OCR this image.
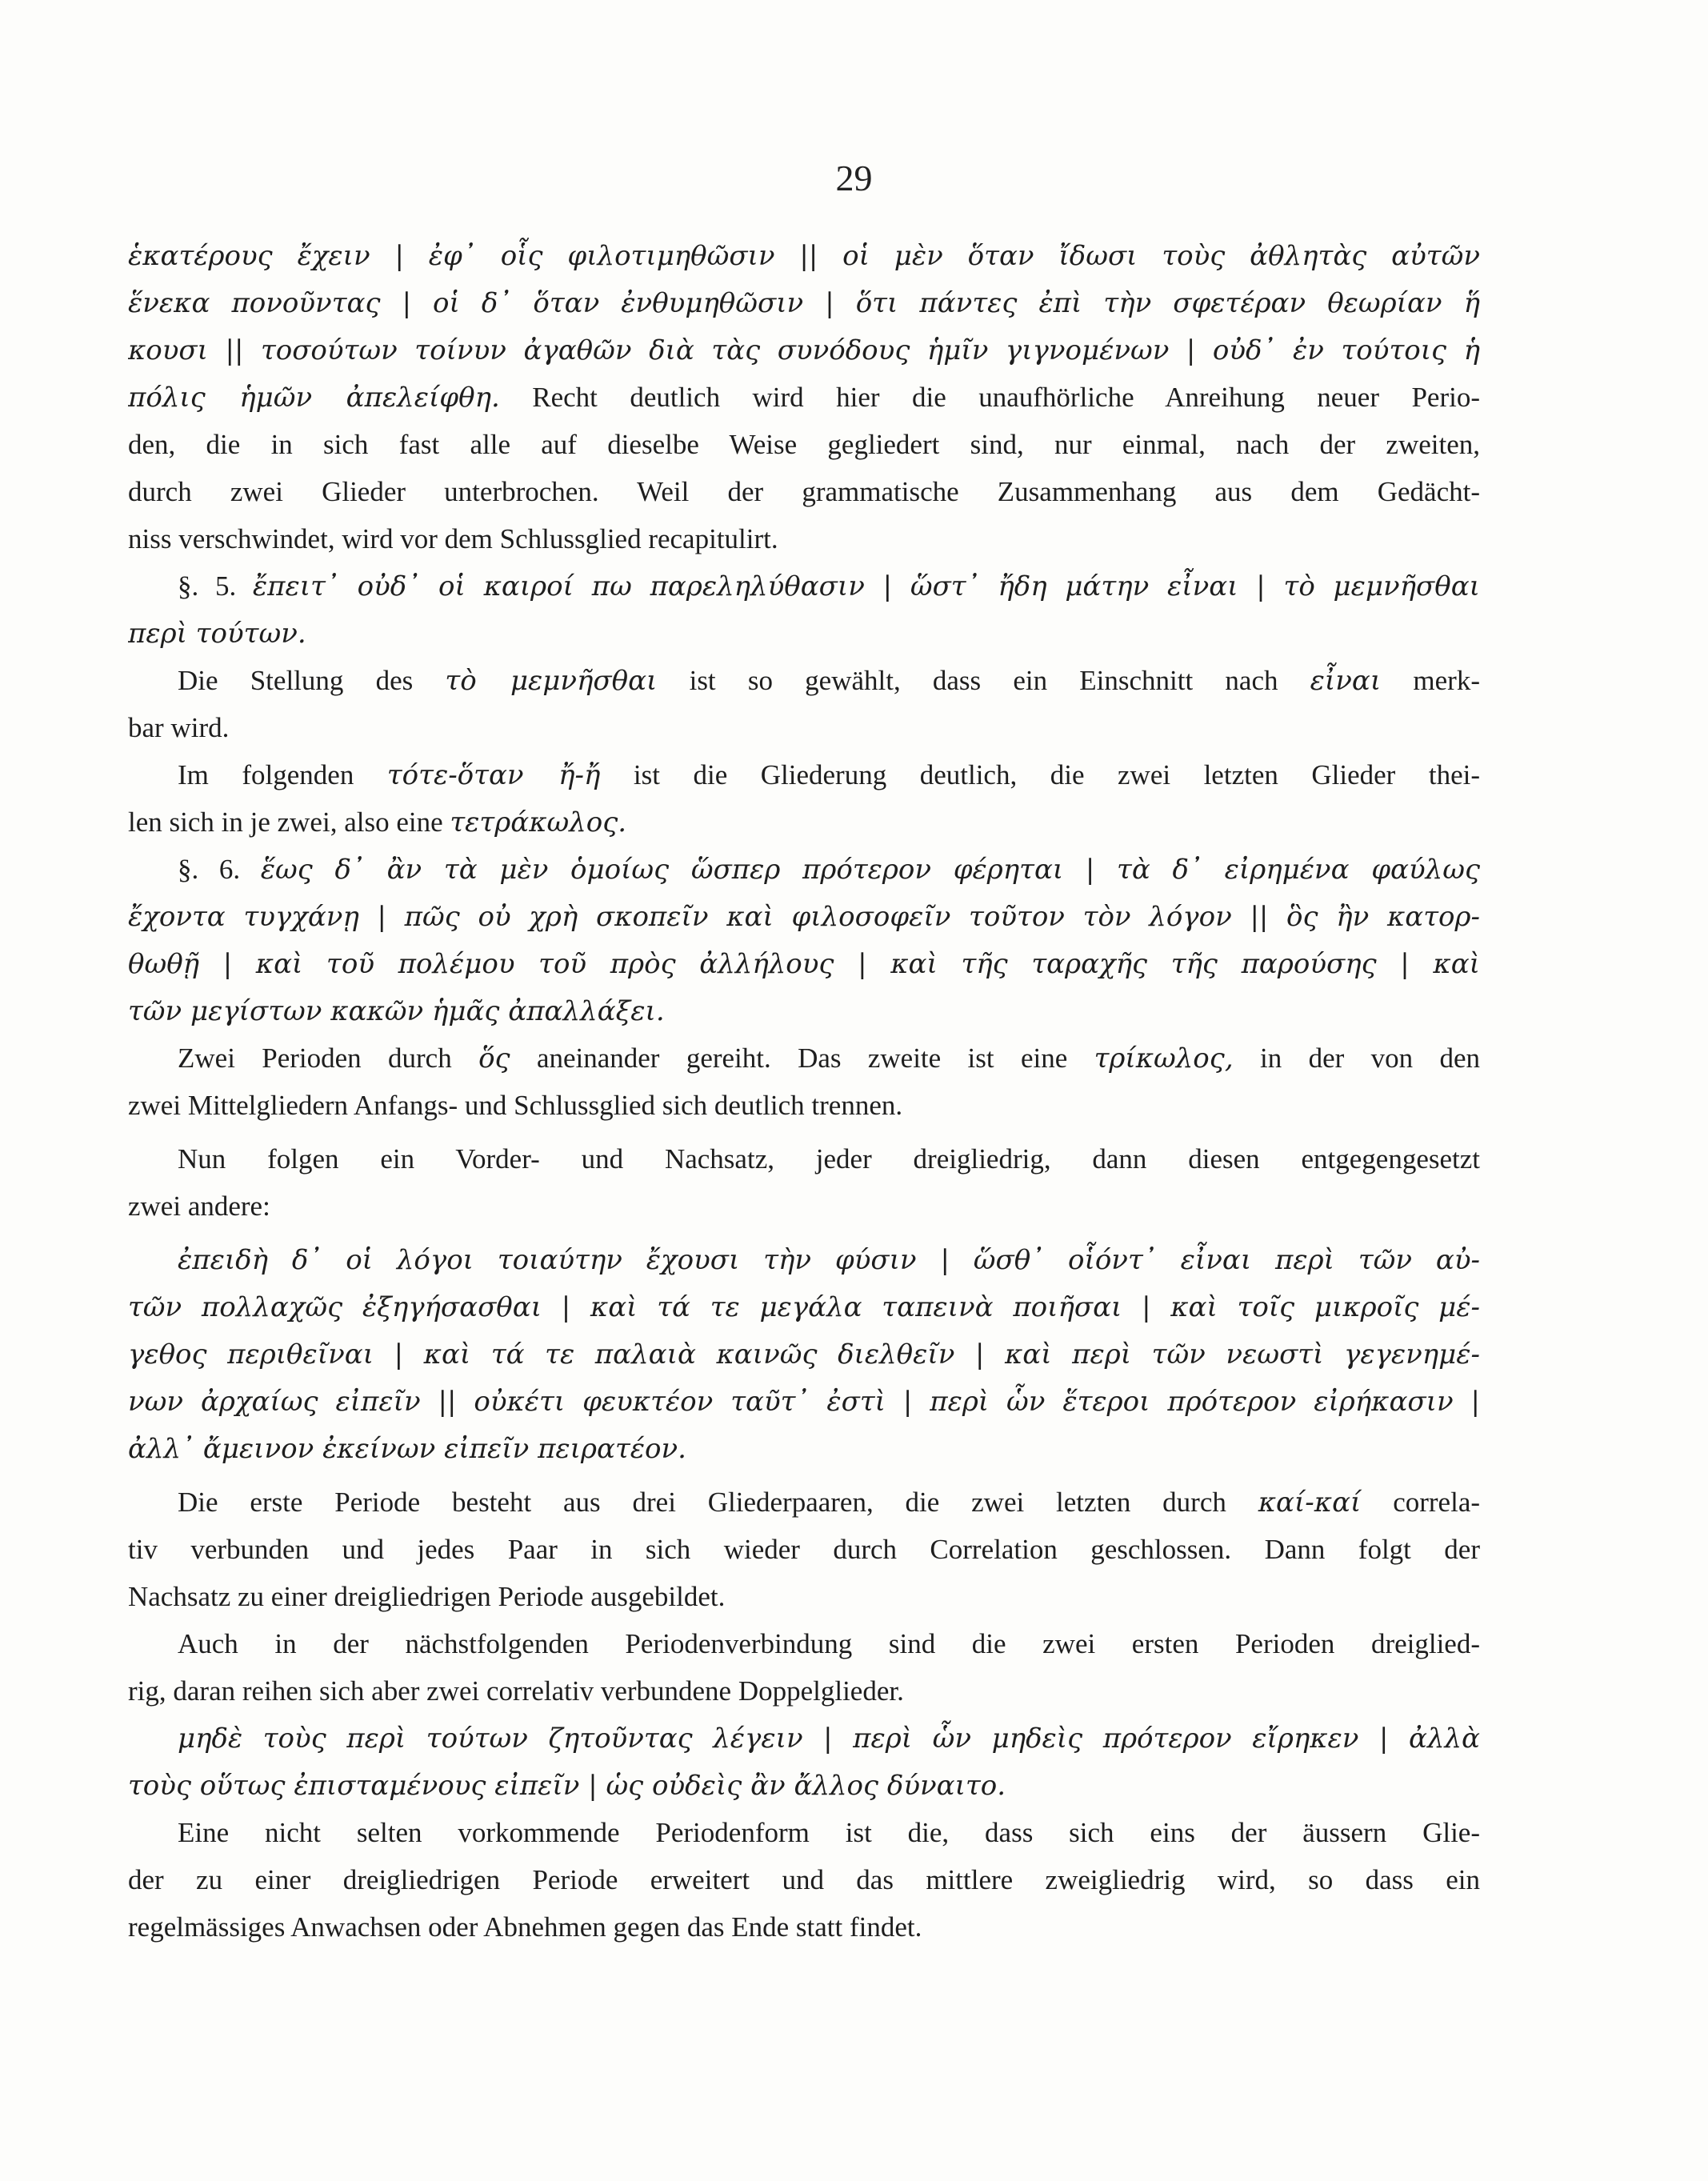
29
ἑκατέρους ἔχειν | ἐφ᾽ οἷς φιλοτιμηθῶσιν || οἱ μὲν ὅταν ἴδωσι τοὺς ἀθλητὰς αὐτῶν
ἕνεκα πονοῦντας | οἱ δ᾽ ὅταν ἐνθυμηθῶσιν | ὅτι πάντες ἐπὶ τὴν σφετέραν θεωρίαν ἥ
κουσι || τοσούτων τοίνυν ἀγαθῶν διὰ τὰς συνόδους ἡμῖν γιγνομένων | οὐδ᾽ ἐν τούτοις ἡ
πόλις ἡμῶν ἀπελείφθη. Recht deutlich wird hier die unaufhörliche Anreihung neuer Perio-
den, die in sich fast alle auf dieselbe Weise gegliedert sind, nur einmal, nach der zweiten,
durch zwei Glieder unterbrochen. Weil der grammatische Zusammenhang aus dem Gedächt-
niss verschwindet, wird vor dem Schlussglied recapitulirt.
§. 5. ἔπειτ᾽ οὐδ᾽ οἱ καιροί πω παρεληλύθασιν | ὥστ᾽ ἤδη μάτην εἶναι | τὸ μεμνῆσθαι
περὶ τούτων.
Die Stellung des τὸ μεμνῆσθαι ist so gewählt, dass ein Einschnitt nach εἶναι merk-
bar wird.
Im folgenden τότε-ὅταν ἤ-ἤ ist die Gliederung deutlich, die zwei letzten Glieder thei-
len sich in je zwei, also eine τετράκωλος.
§. 6. ἕως δ᾽ ἂν τὰ μὲν ὁμοίως ὥσπερ πρότερον φέρηται | τὰ δ᾽ εἰρημένα φαύλως
ἔχοντα τυγχάνῃ | πῶς οὐ χρὴ σκοπεῖν καὶ φιλοσοφεῖν τοῦτον τὸν λόγον || ὃς ἢν κατορ-
θωθῇ | καὶ τοῦ πολέμου τοῦ πρὸς ἀλλήλους | καὶ τῆς ταραχῆς τῆς παρούσης | καὶ
τῶν μεγίστων κακῶν ἡμᾶς ἀπαλλάξει.
Zwei Perioden durch ὅς aneinander gereiht. Das zweite ist eine τρίκωλος, in der von den
zwei Mittelgliedern Anfangs- und Schlussglied sich deutlich trennen.
Nun folgen ein Vorder- und Nachsatz, jeder dreigliedrig, dann diesen entgegengesetzt
zwei andere:
ἐπειδὴ δ᾽ οἱ λόγοι τοιαύτην ἔχουσι τὴν φύσιν | ὥσθ᾽ οἷόντ᾽ εἶναι περὶ τῶν αὐ-
τῶν πολλαχῶς ἐξηγήσασθαι | καὶ τά τε μεγάλα ταπεινὰ ποιῆσαι | καὶ τοῖς μικροῖς μέ-
γεθος περιθεῖναι | καὶ τά τε παλαιὰ καινῶς διελθεῖν | καὶ περὶ τῶν νεωστὶ γεγενημέ-
νων ἀρχαίως εἰπεῖν || οὐκέτι φευκτέον ταῦτ᾽ ἐστὶ | περὶ ὧν ἕτεροι πρότερον εἰρήκασιν |
ἀλλ᾽ ἄμεινον ἐκείνων εἰπεῖν πειρατέον.
Die erste Periode besteht aus drei Gliederpaaren, die zwei letzten durch καί-καί correla-
tiv verbunden und jedes Paar in sich wieder durch Correlation geschlossen. Dann folgt der
Nachsatz zu einer dreigliedrigen Periode ausgebildet.
Auch in der nächstfolgenden Periodenverbindung sind die zwei ersten Perioden dreiglied-
rig, daran reihen sich aber zwei correlativ verbundene Doppelglieder.
μηδὲ τοὺς περὶ τούτων ζητοῦντας λέγειν | περὶ ὧν μηδεὶς πρότερον εἴρηκεν | ἀλλὰ
τοὺς οὕτως ἐπισταμένους εἰπεῖν | ὡς οὐδεὶς ἂν ἄλλος δύναιτο.
Eine nicht selten vorkommende Periodenform ist die, dass sich eins der äussern Glie-
der zu einer dreigliedrigen Periode erweitert und das mittlere zweigliedrig wird, so dass ein
regelmässiges Anwachsen oder Abnehmen gegen das Ende statt findet.
